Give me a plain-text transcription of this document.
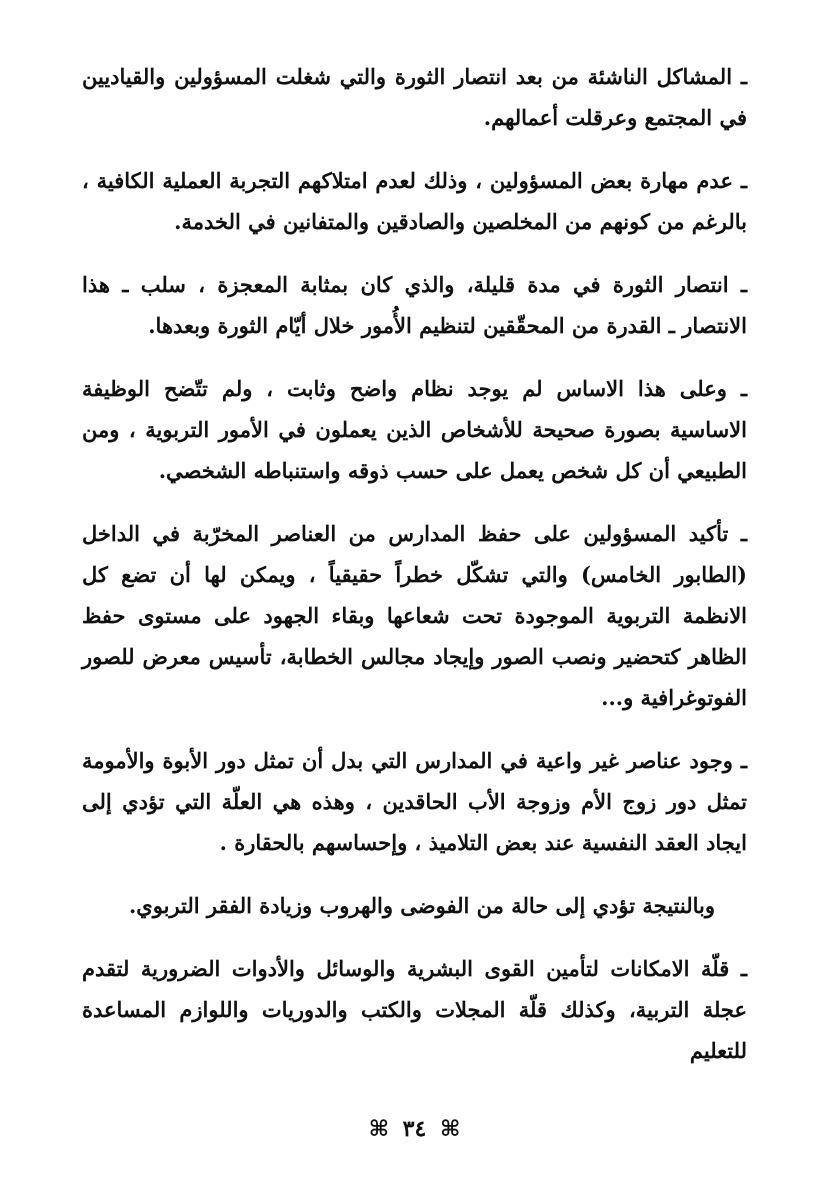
ـ المشاكل الناشئة من بعد انتصار الثورة والتي شغلت المسؤولين والقياديين في المجتمع وعرقلت أعمالهم.

ـ عدم مهارة بعض المسؤولين ، وذلك لعدم امتلاكهم التجربة العملية الكافية ، بالرغم من كونهم من المخلصين والصادقين والمتفانين في الخدمة.

ـ انتصار الثورة في مدة قليلة، والذي كان بمثابة المعجزة ، سلب ـ هذا الانتصار ـ القدرة من المحقّقين لتنظيم الأُمور خلال أيّام الثورة وبعدها.

ـ وعلى هذا الاساس لم يوجد نظام واضح وثابت ، ولم تتّضح الوظيفة الاساسية بصورة صحيحة للأشخاص الذين يعملون في الأمور التربوية ، ومن الطبيعي أن كل شخص يعمل على حسب ذوقه واستنباطه الشخصي.

ـ تأكيد المسؤولين على حفظ المدارس من العناصر المخرّبة في الداخل (الطابور الخامس) والتي تشكّل خطراً حقيقياً ، ويمكن لها أن تضع كل الانظمة التربوية الموجودة تحت شعاعها وبقاء الجهود على مستوى حفظ الظاهر كتحضير ونصب الصور وإيجاد مجالس الخطابة، تأسيس معرض للصور الفوتوغرافية و...

ـ وجود عناصر غير واعية في المدارس التي بدل أن تمثل دور الأبوة والأمومة تمثل دور زوج الأم وزوجة الأب الحاقدين ، وهذه هي العلّة التي تؤدي إلى ايجاد العقد النفسية عند بعض التلاميذ ، وإحساسهم بالحقارة .

وبالنتيجة تؤدي إلى حالة من الفوضى والهروب وزيادة الفقر التربوي.

ـ قلّة الامكانات لتأمين القوى البشرية والوسائل والأدوات الضرورية لتقدم عجلة التربية، وكذلك قلّة المجلات والكتب والدوريات واللوازم المساعدة للتعليم

⌘ ٣٤ ⌘
